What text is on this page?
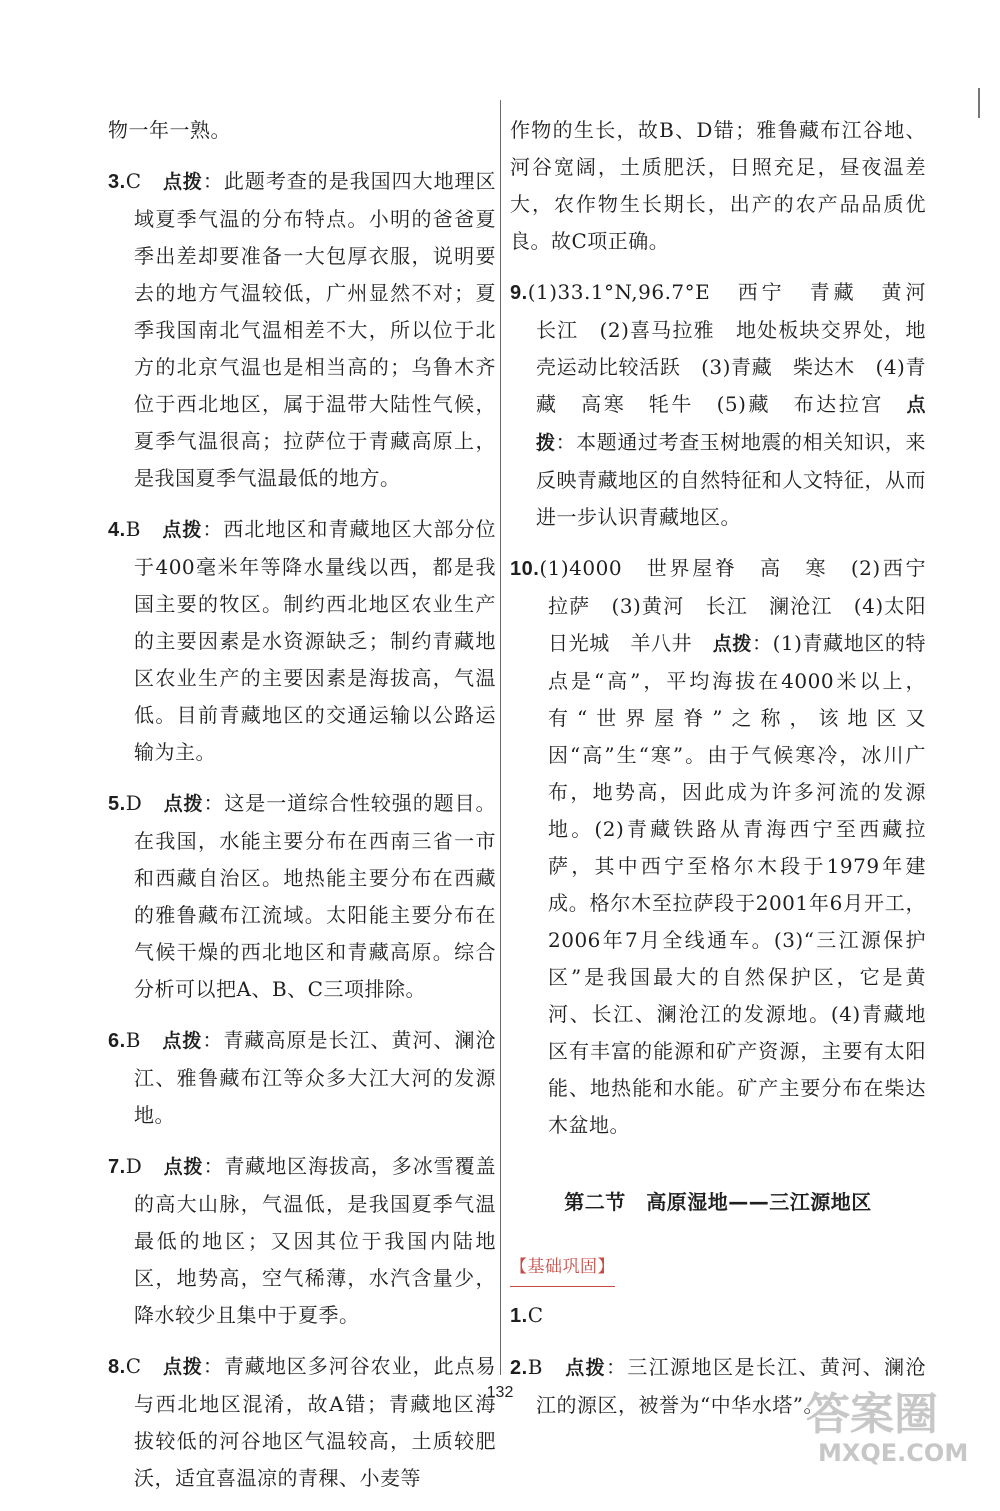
物一年一熟。

3.C　 点拨：此题考查的是我国四大地理区域夏季气温的分布特点。小明的爸爸夏季出差却要准备一大包厚衣服，说明要去的地方气温较低，广州显然不对；夏季我国南北气温相差不大，所以位于北方的北京气温也是相当高的；乌鲁木齐位于西北地区，属于温带大陆性气候，夏季气温很高；拉萨位于青藏高原上，是我国夏季气温最低的地方。

4.B　 点拨：西北地区和青藏地区大部分位于400毫米年等降水量线以西，都是我国主要的牧区。制约西北地区农业生产的主要因素是水资源缺乏；制约青藏地区农业生产的主要因素是海拔高，气温低。目前青藏地区的交通运输以公路运输为主。

5.D　 点拨：这是一道综合性较强的题目。在我国，水能主要分布在西南三省一市和西藏自治区。地热能主要分布在西藏的雅鲁藏布江流域。太阳能主要分布在气候干燥的西北地区和青藏高原。综合分析可以把A、B、C三项排除。

6.B　 点拨：青藏高原是长江、黄河、澜沧江、雅鲁藏布江等众多大江大河的发源地。

7.D　 点拨：青藏地区海拔高，多冰雪覆盖的高大山脉，气温低，是我国夏季气温最低的地区；又因其位于我国内陆地区，地势高，空气稀薄，水汽含量少，降水较少且集中于夏季。

8.C　 点拨：青藏地区多河谷农业，此点易与西北地区混淆，故A错；青藏地区海拔较低的河谷地区气温较高，土质较肥沃，适宜喜温凉的青稞、小麦等

作物的生长，故B、D错；雅鲁藏布江谷地、河谷宽阔，土质肥沃，日照充足，昼夜温差大，农作物生长期长，出产的农产品品质优良。故C项正确。

9.(1)33.1°N,96.7°E　西宁　青藏　黄河　长江　(2)喜马拉雅　地处板块交界处，地壳运动比较活跃　(3)青藏　柴达木　(4)青藏　高寒　牦牛　(5)藏　布达拉宫　点拨：本题通过考查玉树地震的相关知识，来反映青藏地区的自然特征和人文特征，从而进一步认识青藏地区。

10.(1)4000　世界屋脊　高　寒　(2)西宁　拉萨　(3)黄河　长江　澜沧江　(4)太阳　日光城　羊八井　点拨：(1)青藏地区的特点是“高”，平均海拔在4000米以上，有“世界屋脊”之称，该地区又因“高”生“寒”。由于气候寒冷，冰川广布，地势高，因此成为许多河流的发源地。(2)青藏铁路从青海西宁至西藏拉萨，其中西宁至格尔木段于1979年建成。格尔木至拉萨段于2001年6月开工，2006年7月全线通车。(3)“三江源保护区”是我国最大的自然保护区，它是黄河、长江、澜沧江的发源地。(4)青藏地区有丰富的能源和矿产资源，主要有太阳能、地热能和水能。矿产主要分布在柴达木盆地。

第二节　高原湿地——三江源地区
【基础巩固】

1.C

2.B　 点拨：三江源地区是长江、黄河、澜沧江的源区，被誉为“中华水塔”。

132	答案圈
MXQE.COM
